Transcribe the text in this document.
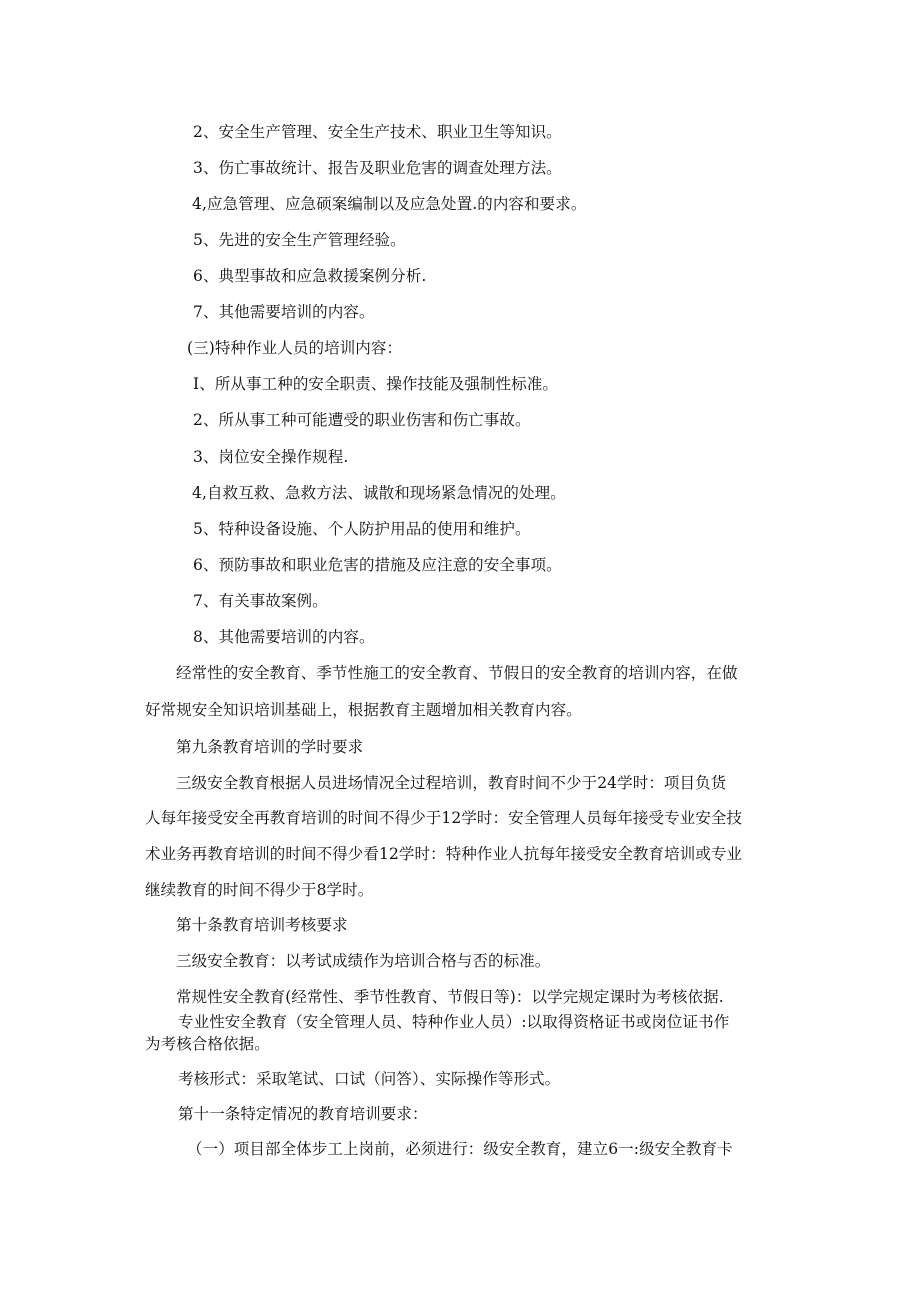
2、安全生产管理、安全生产技术、职业卫生等知识。
3、伤亡事故统计、报告及职业危害的调查处理方法。
4,应急管理、应急硕案编制以及应急处置.的内容和要求。
5、先进的安全生产管理经验。
6、典型事故和应急救援案例分析.
7、其他需要培训的内容。
(三)特种作业人员的培训内容：
I、所从事工种的安全职责、操作技能及强制性标准。
2、所从事工种可能遭受的职业伤害和伤亡事故。
3、岗位安全操作规程.
4,自救互救、急救方法、诚散和现场紧急情况的处理。
5、特种设备设施、个人防护用品的使用和维护。
6、预防事故和职业危害的措施及应注意的安全事项。
7、有关事故案例。
8、其他需要培训的内容。
经常性的安全教育、季节性施工的安全教育、节假日的安全教育的培训内容，在做
好常规安全知识培训基础上，根据教育主题增加相关教育内容。
第九条教育培训的学时要求
三级安全教育根据人员进场情况全过程培训，教育时间不少于24学时：项目负货
人每年接受安全再教育培训的时间不得少于12学时：安全管理人员每年接受专业安全技
术业务再教育培训的时间不得少看12学时：特种作业人抗每年接受安全教育培训或专业
继续教育的时间不得少于8学时。
第十条教育培训考核要求
三级安全教育：以考试成绩作为培训合格与否的标准。
常规性安全教育(经常性、季节性教育、节假日等)：以学完规定课时为考核依据.
专业性安全教育（安全管理人员、特种作业人员）:以取得资格证书或岗位证书作
为考核合格依据。
考核形式：采取笔试、口试（问答）、实际操作等形式。
第十一条特定情况的教育培训要求：
（一）项目部全体步工上岗前，必须进行：级安全教育，建立6一:级安全教育卡
